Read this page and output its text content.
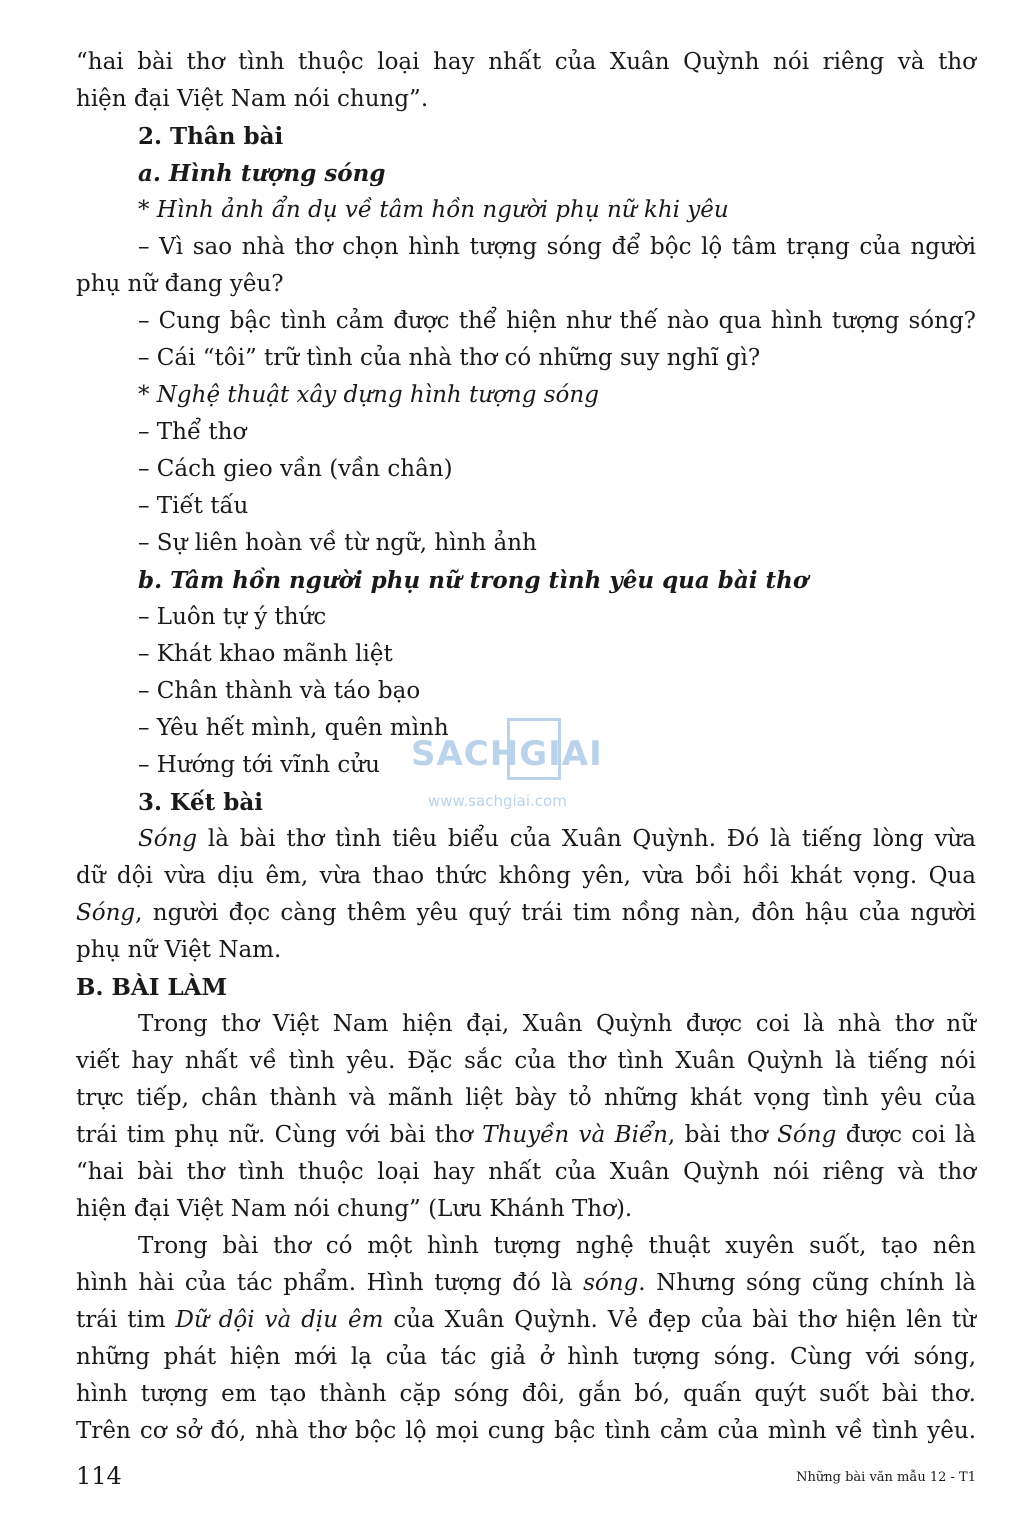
“hai bài thơ tình thuộc loại hay nhất của Xuân Quỳnh nói riêng và thơ

hiện đại Việt Nam nói chung”.

2. Thân bài

a. Hình tượng sóng

* Hình ảnh ẩn dụ về tâm hồn người phụ nữ khi yêu

– Vì sao nhà thơ chọn hình tượng sóng để bộc lộ tâm trạng của người

phụ nữ đang yêu?

– Cung bậc tình cảm được thể hiện như thế nào qua hình tượng sóng?

– Cái “tôi” trữ tình của nhà thơ có những suy nghĩ gì?

* Nghệ thuật xây dựng hình tượng sóng

– Thể thơ

– Cách gieo vần (vần chân)

– Tiết tấu

– Sự liên hoàn về từ ngữ, hình ảnh

b. Tâm hồn người phụ nữ trong tình yêu qua bài thơ

– Luôn tự ý thức

– Khát khao mãnh liệt

– Chân thành và táo bạo

– Yêu hết mình, quên mình

– Hướng tới vĩnh cửu

3. Kết bài

Sóng là bài thơ tình tiêu biểu của Xuân Quỳnh. Đó là tiếng lòng vừa

dữ dội vừa dịu êm, vừa thao thức không yên, vừa bồi hồi khát vọng. Qua

Sóng, người đọc càng thêm yêu quý trái tim nồng nàn, đôn hậu của người

phụ nữ Việt Nam.

B. BÀI LÀM

Trong thơ Việt Nam hiện đại, Xuân Quỳnh được coi là nhà thơ nữ

viết hay nhất về tình yêu. Đặc sắc của thơ tình Xuân Quỳnh là tiếng nói

trực tiếp, chân thành và mãnh liệt bày tỏ những khát vọng tình yêu của

trái tim phụ nữ. Cùng với bài thơ Thuyền và Biển, bài thơ Sóng được coi là

“hai bài thơ tình thuộc loại hay nhất của Xuân Quỳnh nói riêng và thơ

hiện đại Việt Nam nói chung” (Lưu Khánh Thơ).

Trong bài thơ có một hình tượng nghệ thuật xuyên suốt, tạo nên

hình hài của tác phẩm. Hình tượng đó là sóng. Nhưng sóng cũng chính là

trái tim Dữ dội và dịu êm của Xuân Quỳnh. Vẻ đẹp của bài thơ hiện lên từ

những phát hiện mới lạ của tác giả ở hình tượng sóng. Cùng với sóng,

hình tượng em tạo thành cặp sóng đôi, gắn bó, quấn quýt suốt bài thơ.

Trên cơ sở đó, nhà thơ bộc lộ mọi cung bậc tình cảm của mình về tình yêu.

SACHGIAI
www.sachgiai.com
114	Những bài văn mẫu 12 - T1
